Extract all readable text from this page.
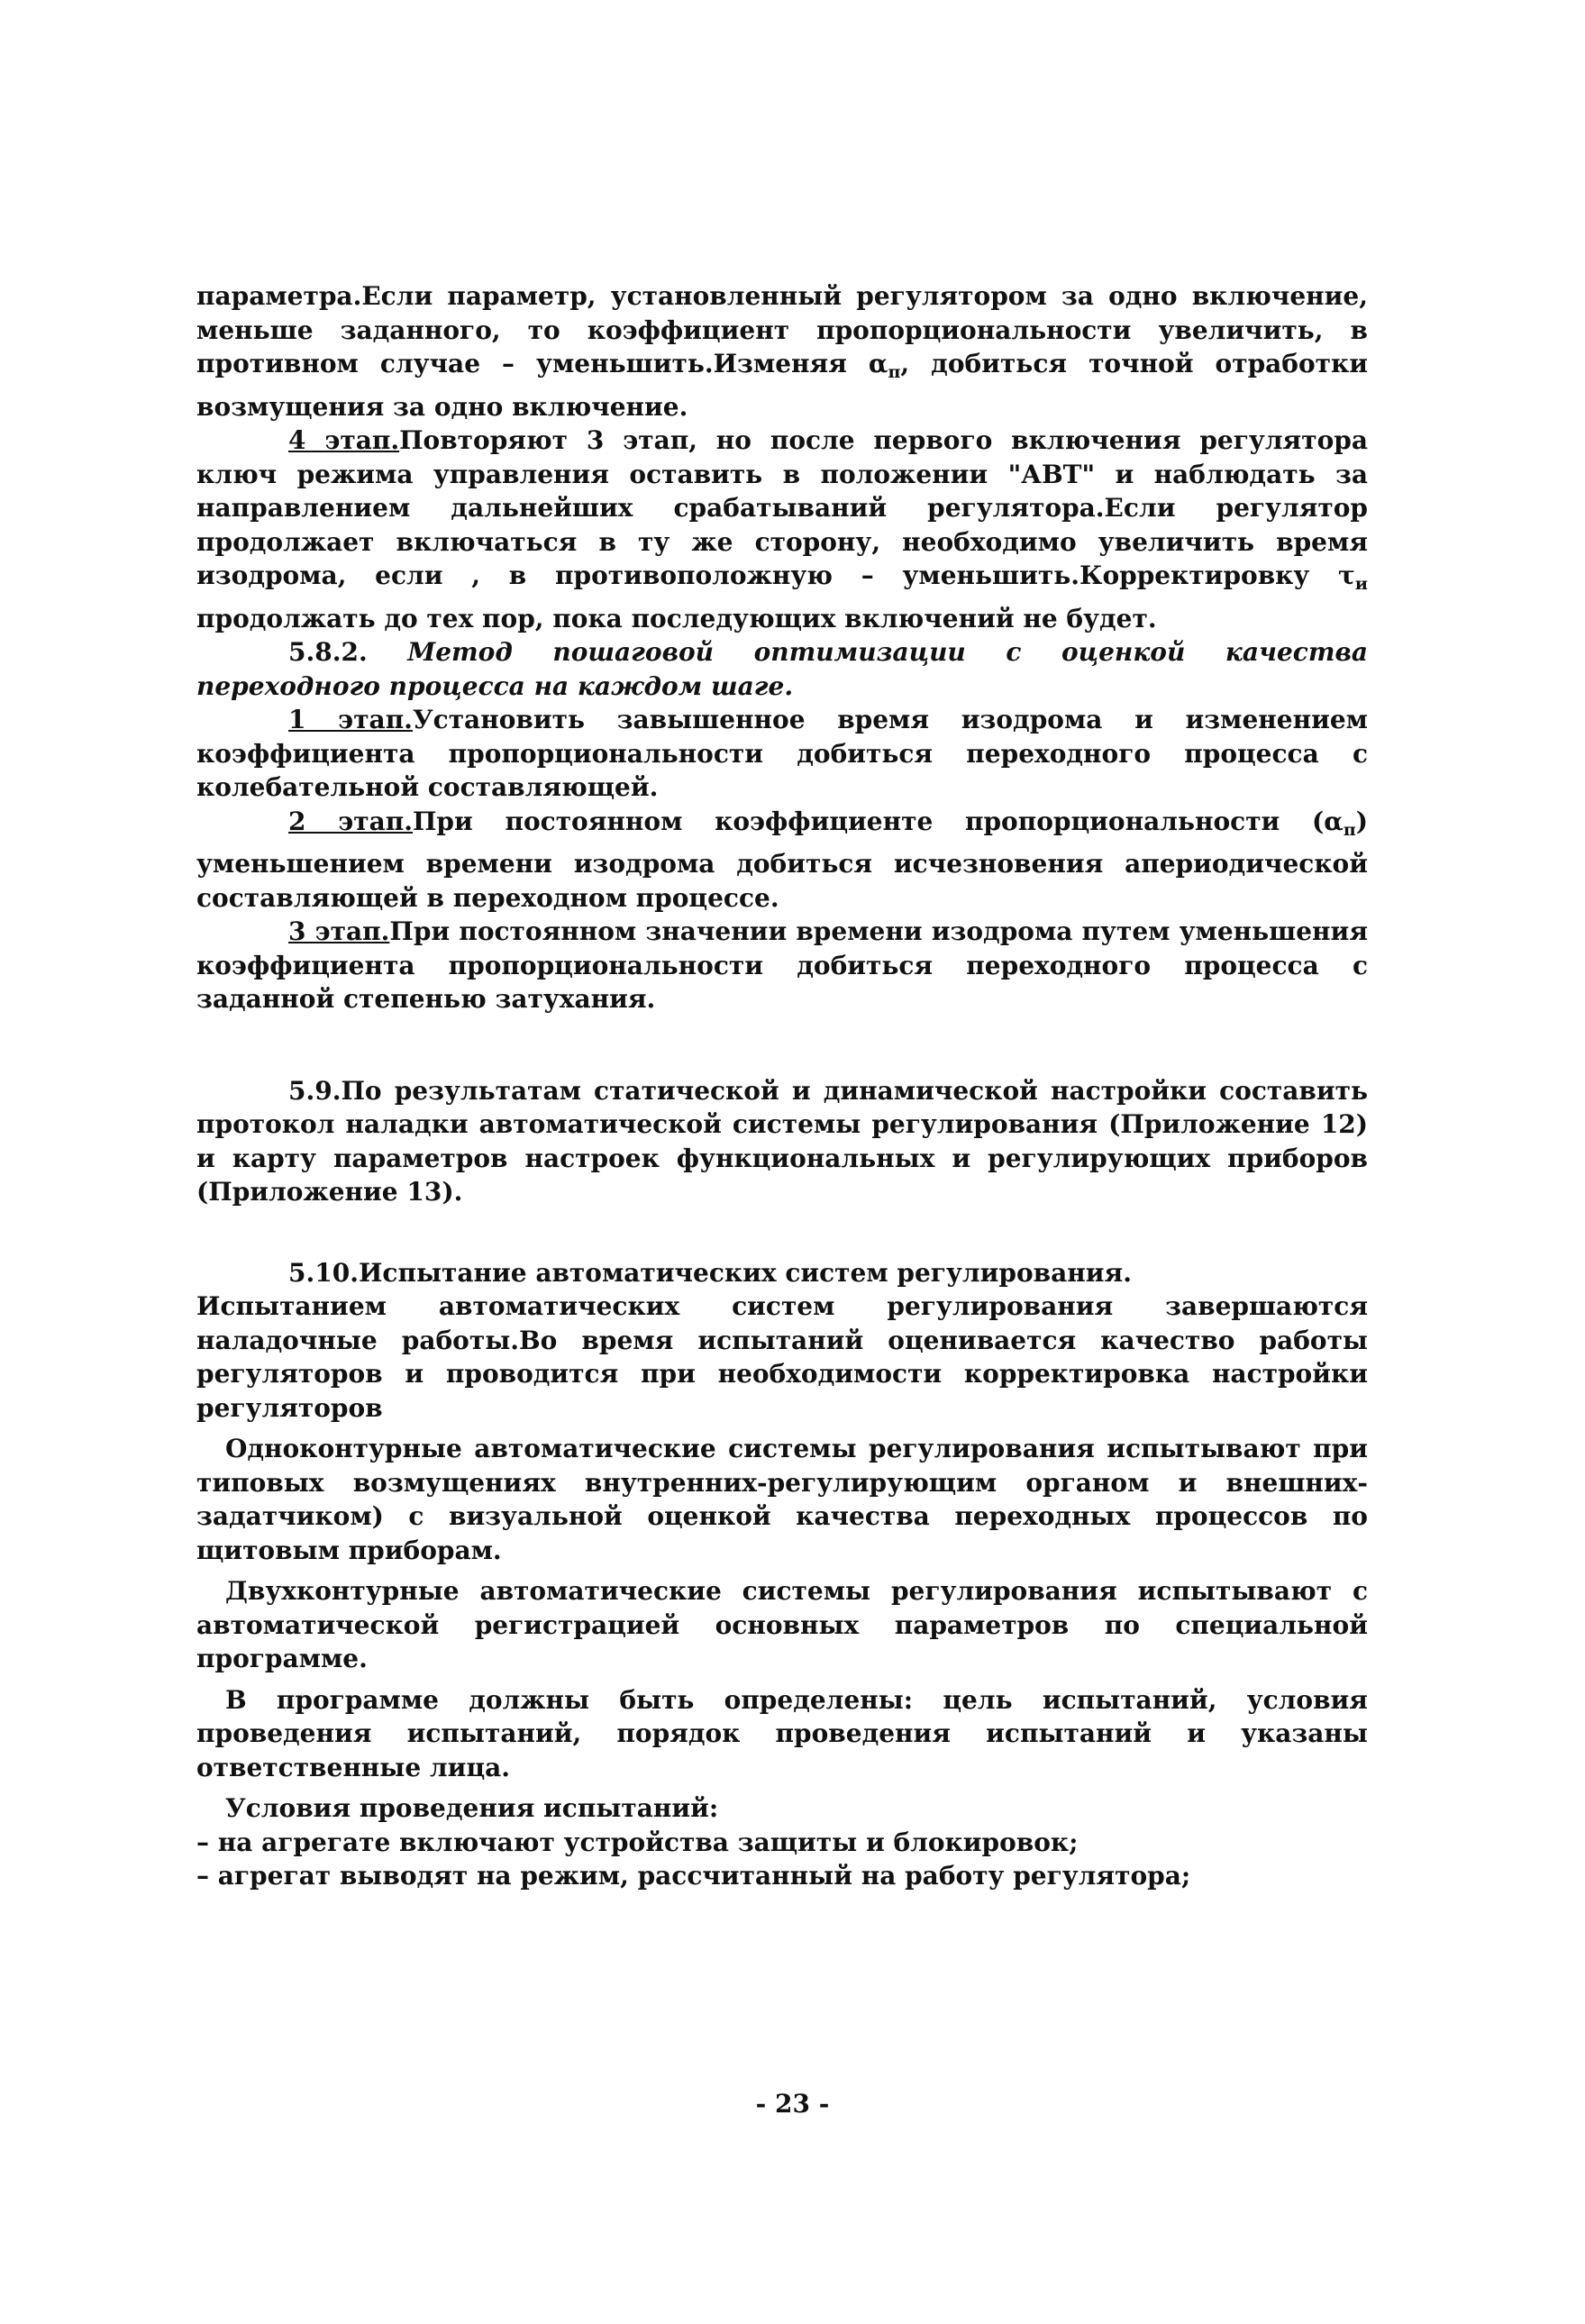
параметра.Если параметр, установленный регулятором за одно включение, меньше заданного, то коэффициент пропорциональности увеличить, в противном случае – уменьшить.Изменяя $\alpha_п$, добиться точной отработки возмущения за одно включение.

4 этап.Повторяют 3 этап, но после первого включения регулятора ключ режима управления оставить в положении "АВТ" и наблюдать за направлением дальнейших срабатываний регулятора.Если регулятор продолжает включаться в ту же сторону, необходимо увеличить время изодрома, если , в противоположную – уменьшить.Корректировку $\tau_и$ продолжать до тех пор, пока последующих включений не будет.

5.8.2. Метод пошаговой оптимизации с оценкой качества переходного процесса на каждом шаге.

1 этап.Установить завышенное время изодрома и изменением коэффициента пропорциональности добиться переходного процесса с колебательной составляющей.

2 этап.При постоянном коэффициенте пропорциональности $(\alpha_п)$ уменьшением времени изодрома добиться исчезновения апериодической составляющей в переходном процессе.

3 этап.При постоянном значении времени изодрома путем уменьшения коэффициента пропорциональности добиться переходного процесса с заданной степенью затухания.

5.9.По результатам статической и динамической настройки составить протокол наладки автоматической системы регулирования (Приложение 12) и карту параметров настроек функциональных и регулирующих приборов (Приложение 13).

5.10.Испытание автоматических систем регулирования.

Испытанием автоматических систем регулирования завершаются наладочные работы.Во время испытаний оценивается качество работы регуляторов и проводится при необходимости корректировка настройки регуляторов

Одноконтурные автоматические системы регулирования испытывают при типовых возмущениях внутренних-регулирующим органом и внешних-задатчиком) с визуальной оценкой качества переходных процессов по щитовым приборам.

Двухконтурные автоматические системы регулирования испытывают с автоматической регистрацией основных параметров по специальной программе.

В программе должны быть определены: цель испытаний, условия проведения испытаний, порядок проведения испытаний и указаны ответственные лица.

Условия проведения испытаний:

– на агрегате включают устройства защиты и блокировок;

– агрегат выводят на режим, рассчитанный на работу регулятора;

- 23 -
